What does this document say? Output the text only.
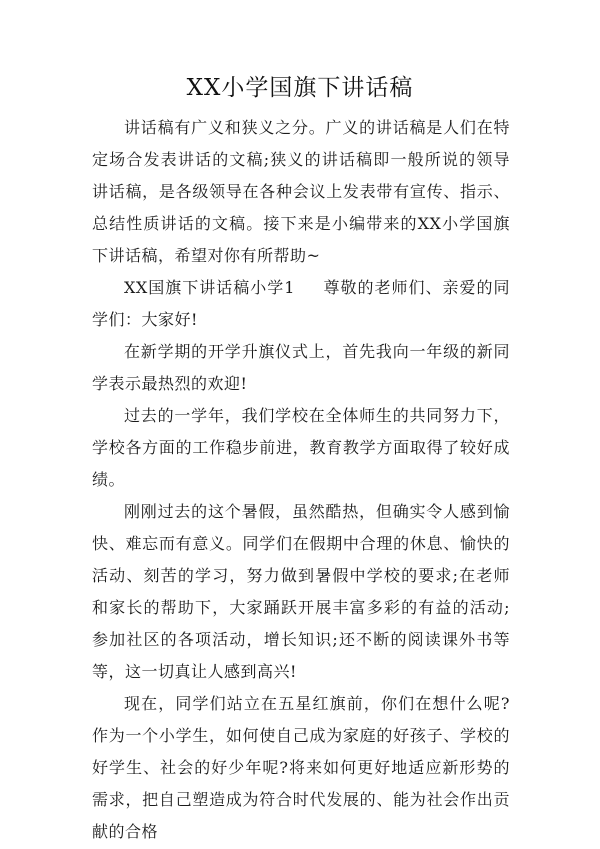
XX小学国旗下讲话稿

讲话稿有广义和狭义之分。广义的讲话稿是人们在特定场合发表讲话的文稿;狭义的讲话稿即一般所说的领导讲话稿，是各级领导在各种会议上发表带有宣传、指示、总结性质讲话的文稿。接下来是小编带来的XX小学国旗下讲话稿，希望对你有所帮助~

XX国旗下讲话稿小学1 尊敬的老师们、亲爱的同学们：大家好!

在新学期的开学升旗仪式上，首先我向一年级的新同学表示最热烈的欢迎!

过去的一学年，我们学校在全体师生的共同努力下，学校各方面的工作稳步前进，教育教学方面取得了较好成绩。

刚刚过去的这个暑假，虽然酷热，但确实令人感到愉快、难忘而有意义。同学们在假期中合理的休息、愉快的活动、刻苦的学习，努力做到暑假中学校的要求;在老师和家长的帮助下，大家踊跃开展丰富多彩的有益的活动;参加社区的各项活动，增长知识;还不断的阅读课外书等等，这一切真让人感到高兴!

现在，同学们站立在五星红旗前，你们在想什么呢?作为一个小学生，如何使自己成为家庭的好孩子、学校的好学生、社会的好少年呢?将来如何更好地适应新形势的需求，把自己塑造成为符合时代发展的、能为社会作出贡献的合格
